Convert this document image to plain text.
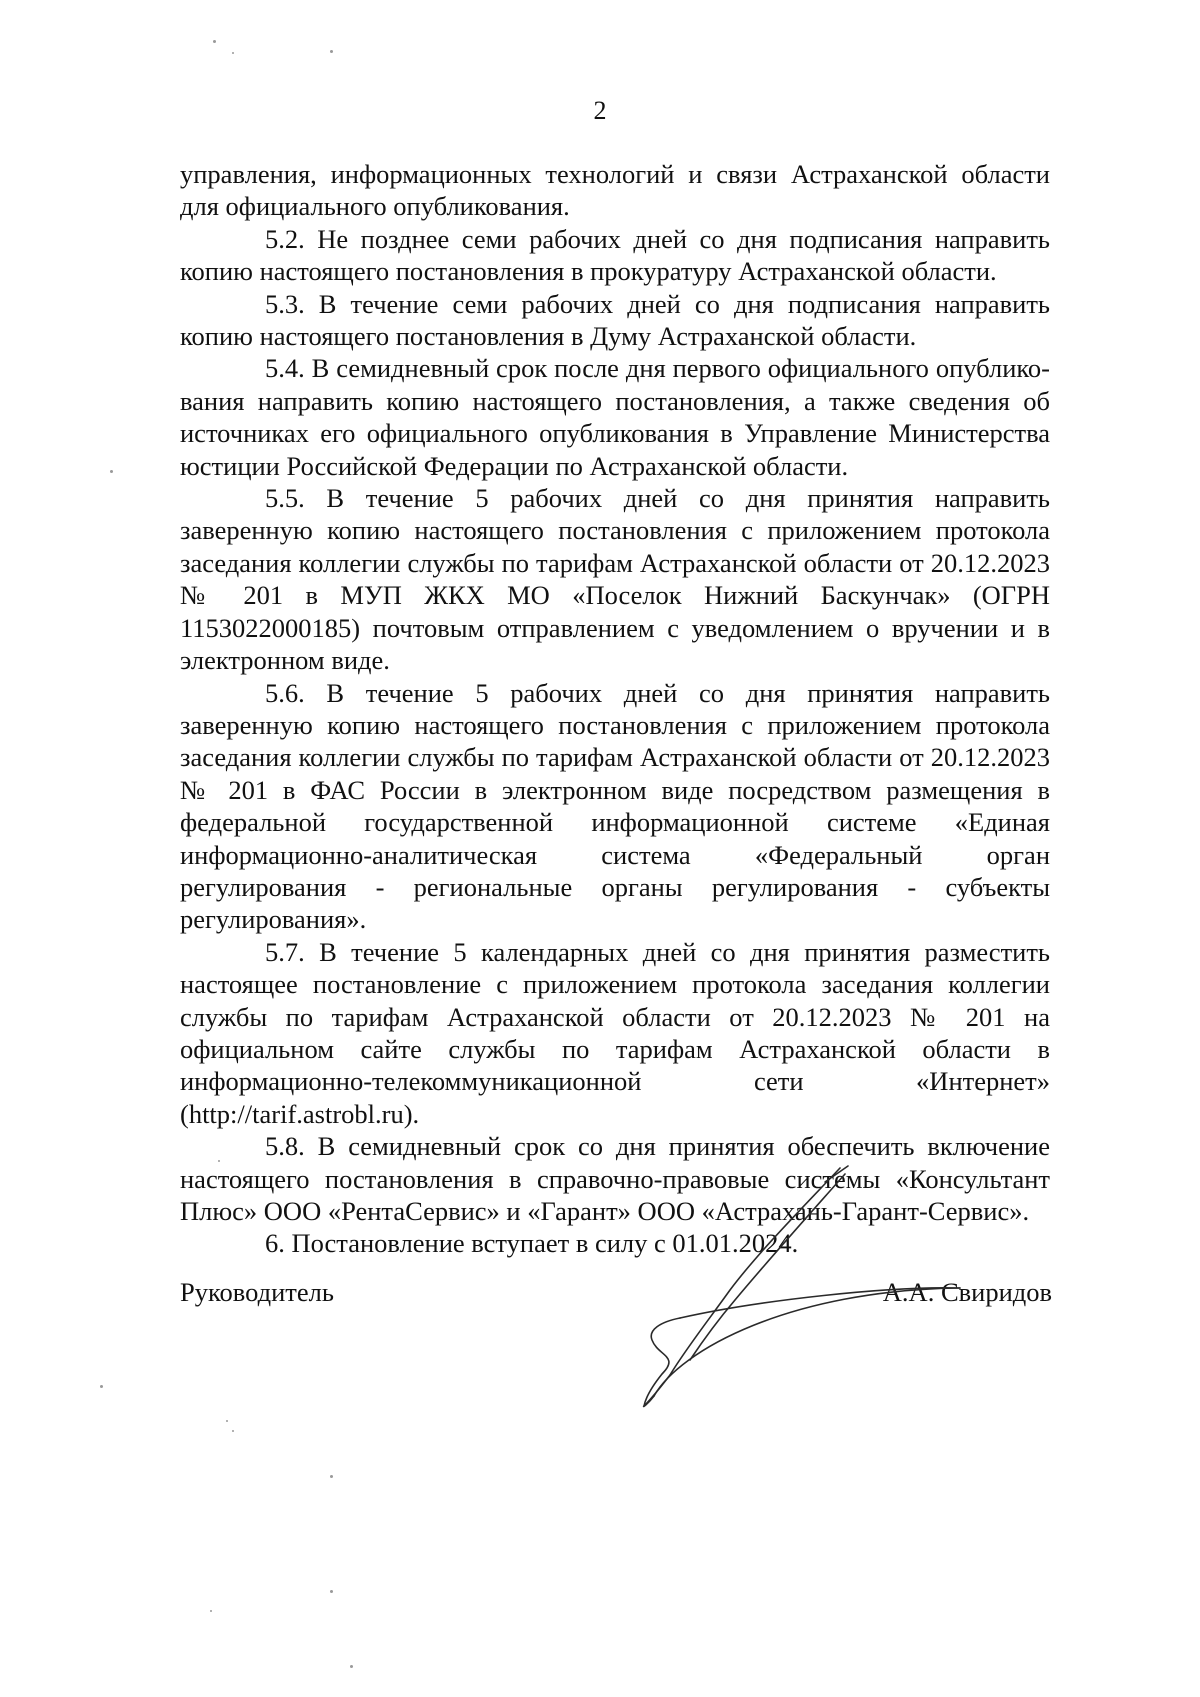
2

управления, информационных технологий и связи Астраханской области для официального опубликования.

5.2. Не позднее семи рабочих дней со дня подписания направить копию настоящего постановления в прокуратуру Астраханской области.

5.3. В течение семи рабочих дней со дня подписания направить копию настоящего постановления в Думу Астраханской области.

5.4. В семидневный срок после дня первого официального опубликования направить копию настоящего постановления, а также сведения об источниках его официального опубликования в Управление Министерства юстиции Российской Федерации по Астраханской области.

5.5. В течение 5 рабочих дней со дня принятия направить заверенную копию настоящего постановления с приложением протокола заседания коллегии службы по тарифам Астраханской области от 20.12.2023 № 201 в МУП ЖКХ МО «Поселок Нижний Баскунчак» (ОГРН 1153022000185) почтовым отправлением с уведомлением о вручении и в электронном виде.

5.6. В течение 5 рабочих дней со дня принятия направить заверенную копию настоящего постановления с приложением протокола заседания коллегии службы по тарифам Астраханской области от 20.12.2023 № 201 в ФАС России в электронном виде посредством размещения в федеральной государственной информационной системе «Единая информационно-аналитическая система «Федеральный орган регулирования - региональные органы регулирования - субъекты регулирования».

5.7. В течение 5 календарных дней со дня принятия разместить настоящее постановление с приложением протокола заседания коллегии службы по тарифам Астраханской области от 20.12.2023 № 201 на официальном сайте службы по тарифам Астраханской области в информационно-телекоммуникационной сети «Интернет» (http://tarif.astrobl.ru).

5.8. В семидневный срок со дня принятия обеспечить включение настоящего постановления в справочно-правовые системы «Консультант Плюс» ООО «РентаСервис» и «Гарант» ООО «Астрахань-Гарант-Сервис».

6. Постановление вступает в силу с 01.01.2024.

Руководитель	А.А. Свиридов
